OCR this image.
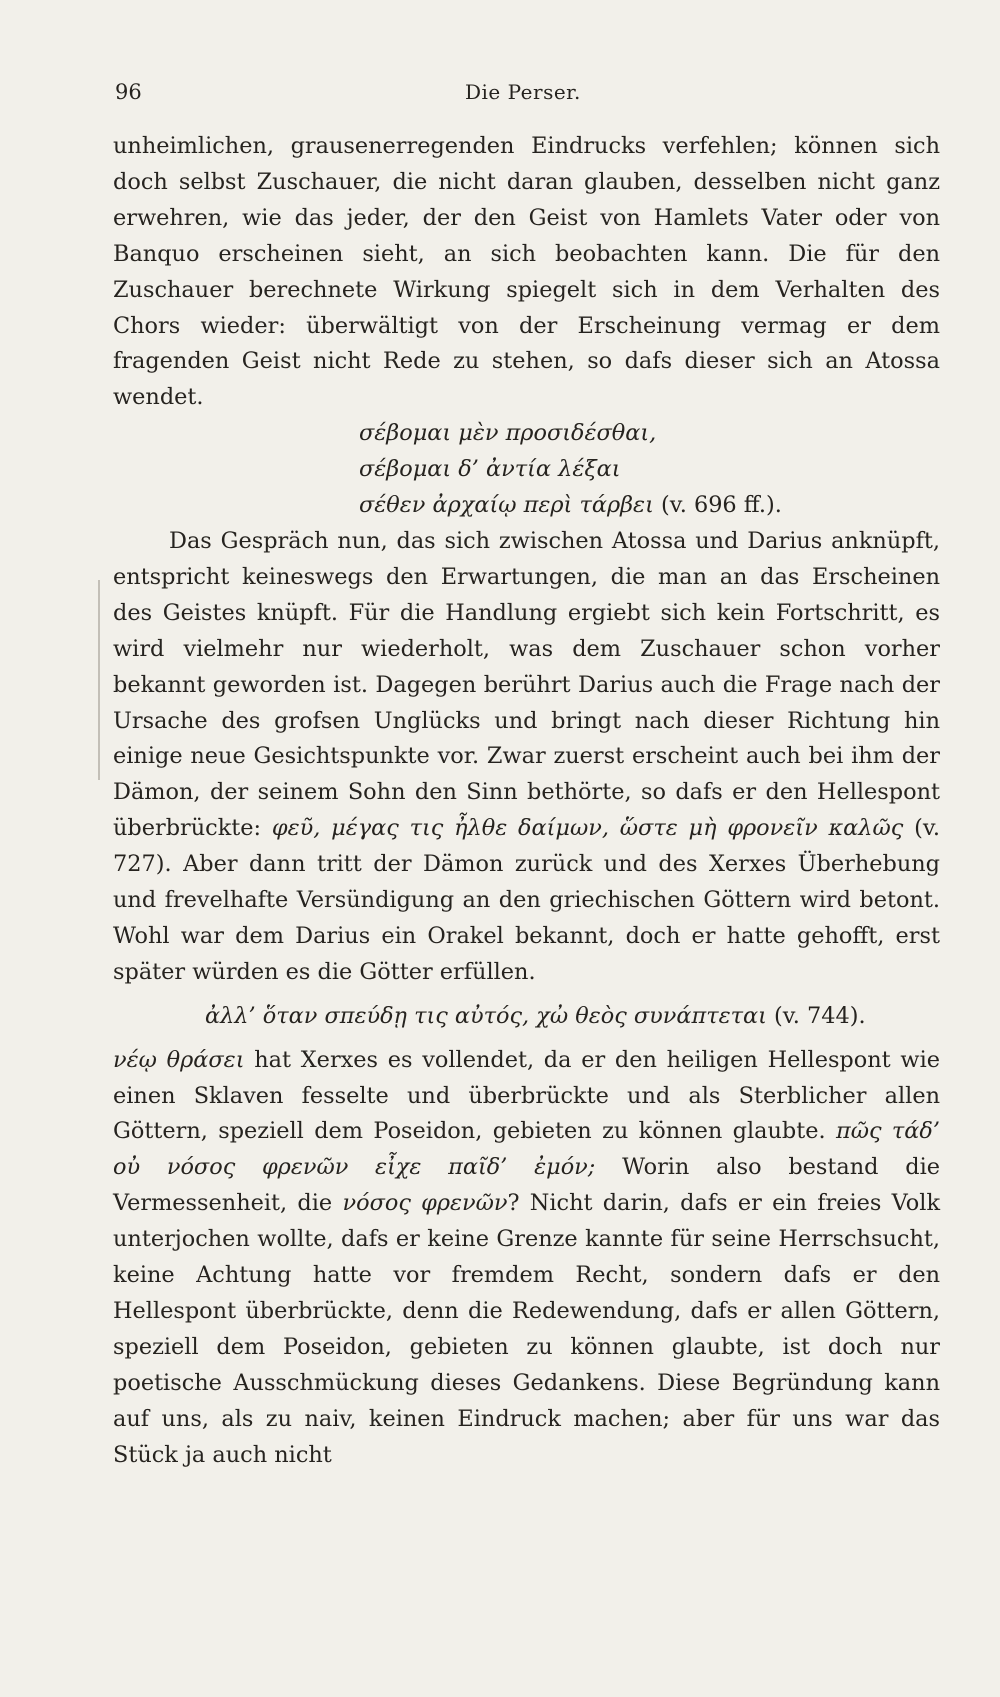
96	Die Perser.

unheimlichen, grausenerregenden Eindrucks verfehlen; können sich doch selbst Zuschauer, die nicht daran glauben, desselben nicht ganz erwehren, wie das jeder, der den Geist von Hamlets Vater oder von Banquo erscheinen sieht, an sich beobachten kann. Die für den Zuschauer berechnete Wirkung spiegelt sich in dem Verhalten des Chors wieder: überwältigt von der Erscheinung vermag er dem fragenden Geist nicht Rede zu stehen, so dafs dieser sich an Atossa wendet.

σέβομαι μὲν προσιδέσθαι,
σέβομαι δ’ ἀντία λέξαι
σέθεν ἀρχαίῳ περὶ τάρβει (v. 696 ff.).

Das Gespräch nun, das sich zwischen Atossa und Darius anknüpft, entspricht keineswegs den Erwartungen, die man an das Erscheinen des Geistes knüpft. Für die Handlung ergiebt sich kein Fortschritt, es wird vielmehr nur wiederholt, was dem Zuschauer schon vorher bekannt geworden ist. Dagegen berührt Darius auch die Frage nach der Ursache des grofsen Unglücks und bringt nach dieser Richtung hin einige neue Gesichtspunkte vor. Zwar zuerst erscheint auch bei ihm der Dämon, der seinem Sohn den Sinn bethörte, so dafs er den Hellespont überbrückte: φεῦ, μέγας τις ἦλθε δαίμων, ὥστε μὴ φρονεῖν καλῶς (v. 727). Aber dann tritt der Dämon zurück und des Xerxes Überhebung und frevelhafte Versündigung an den griechischen Göttern wird betont. Wohl war dem Darius ein Orakel bekannt, doch er hatte gehofft, erst später würden es die Götter erfüllen.

ἀλλ’ ὅταν σπεύδῃ τις αὐτός, χὠ θεὸς συνάπτεται (v. 744).

νέῳ θράσει hat Xerxes es vollendet, da er den heiligen Hellespont wie einen Sklaven fesselte und überbrückte und als Sterblicher allen Göttern, speziell dem Poseidon, gebieten zu können glaubte. πῶς τάδ’ οὐ νόσος φρενῶν εἶχε παῖδ’ ἐμόν; Worin also bestand die Vermessenheit, die νόσος φρενῶν? Nicht darin, dafs er ein freies Volk unterjochen wollte, dafs er keine Grenze kannte für seine Herrschsucht, keine Achtung hatte vor fremdem Recht, sondern dafs er den Hellespont überbrückte, denn die Redewendung, dafs er allen Göttern, speziell dem Poseidon, gebieten zu können glaubte, ist doch nur poetische Ausschmückung dieses Gedankens. Diese Begründung kann auf uns, als zu naiv, keinen Eindruck machen; aber für uns war das Stück ja auch nicht
